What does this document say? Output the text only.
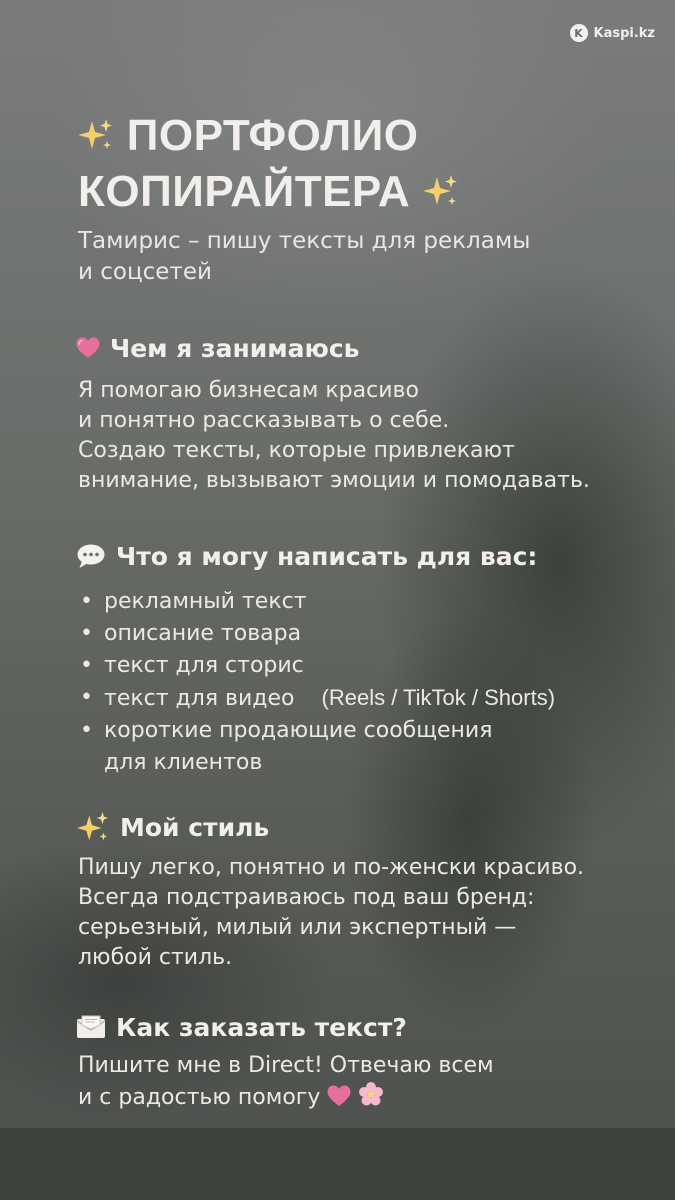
K Kaspi.kz
ПОРТФОЛИО
КОПИРАЙТЕРА
Тамирис – пишу тексты для рекламы
и соцсетей
Чем я занимаюсь
Я помогаю бизнесам красиво
и понятно рассказывать о себе.
Создаю тексты, которые привлекают
внимание, вызывают эмоции и помодавать.
Что я могу написать для вас:
• рекламный текст
• описание товара
• текст для сторис
• текст для видео (Reels / TikTok / Shorts)
• короткие продающие сообщения
для клиентов
Мой стиль
Пишу легко, понятно и по-женски красиво.
Всегда подстраиваюсь под ваш бренд:
серьезный, милый или экспертный —
любой стиль.
Как заказать текст?
Пишите мне в Direct! Отвечаю всем
и с радостью помогу
